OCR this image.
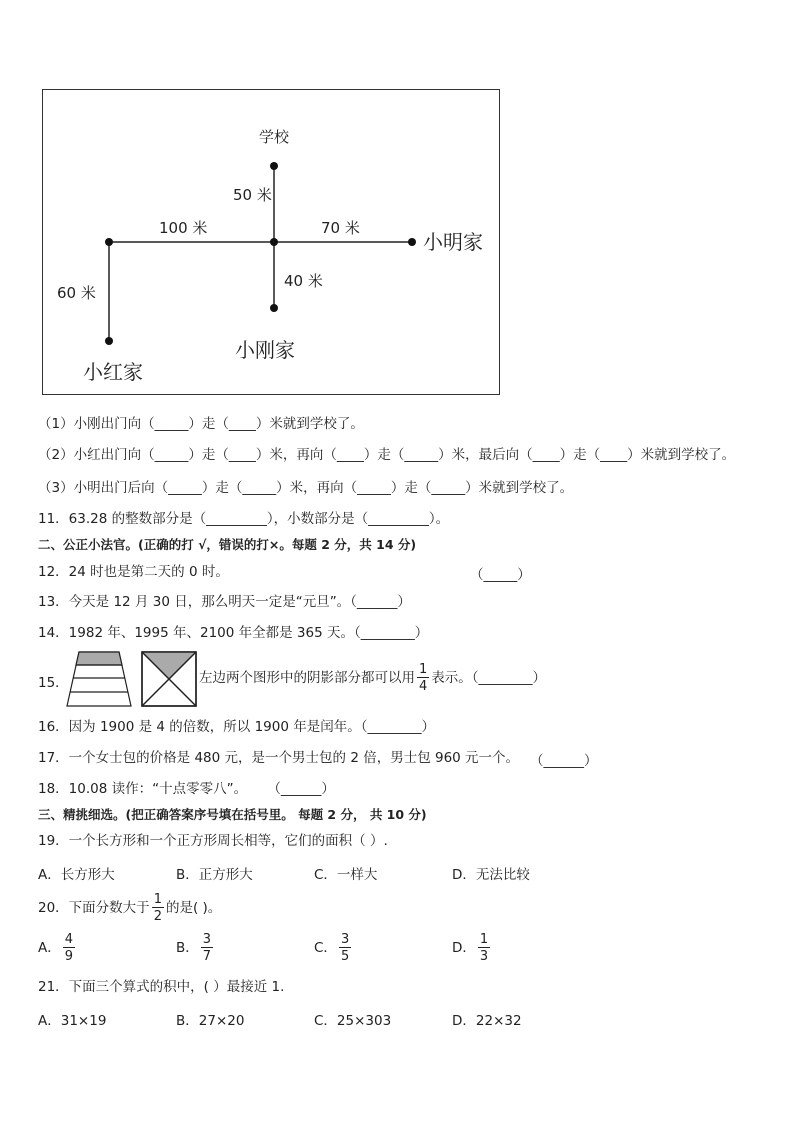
学校
50 米
100 米	70 米
小明家
40 米
60 米
小刚家
小红家
（1）小刚出门向（_____）走（____）米就到学校了。
（2）小红出门向（_____）走（____）米，再向（____）走（_____）米，最后向（____）走（____）米就到学校了。
（3）小明出门后向（_____）走（_____）米，再向（_____）走（_____）米就到学校了。
11．63.28 的整数部分是（_________），小数部分是（_________）。
二、公正小法官。(正确的打 √，错误的打×。每题 2 分，共 14 分)
12．24 时也是第二天的 0 时。	（_____）
13．今天是 12 月 30 日，那么明天一定是“元旦”。（______）
14．1982 年、1995 年、2100 年全都是 365 天。（________）
15．	左边两个图形中的阴影部分都可以用 $\frac{1}{4}$ 表示。（________）
16．因为 1900 是 4 的倍数，所以 1900 年是闰年。（________）
17．一个女士包的价格是 480 元，是一个男士包的 2 倍，男士包 960 元一个。 （______）
18．10.08 读作：“十点零零八”。 （______）
三、精挑细选。(把正确答案序号填在括号里。 每题 2 分， 共 10 分)
19．一个长方形和一个正方形周长相等，它们的面积（ ）.
A．长方形大	B．正方形大	C．一样大	D．无法比较
20．下面分数大于 $\frac{1}{2}$ 的是( )。
A． $\frac{4}{9}$	B． $\frac{3}{7}$	C． $\frac{3}{5}$	D． $\frac{1}{3}$
21．下面三个算式的积中，( ）最接近 1.
A．31×19	B．27×20	C．25×303	D．22×32
